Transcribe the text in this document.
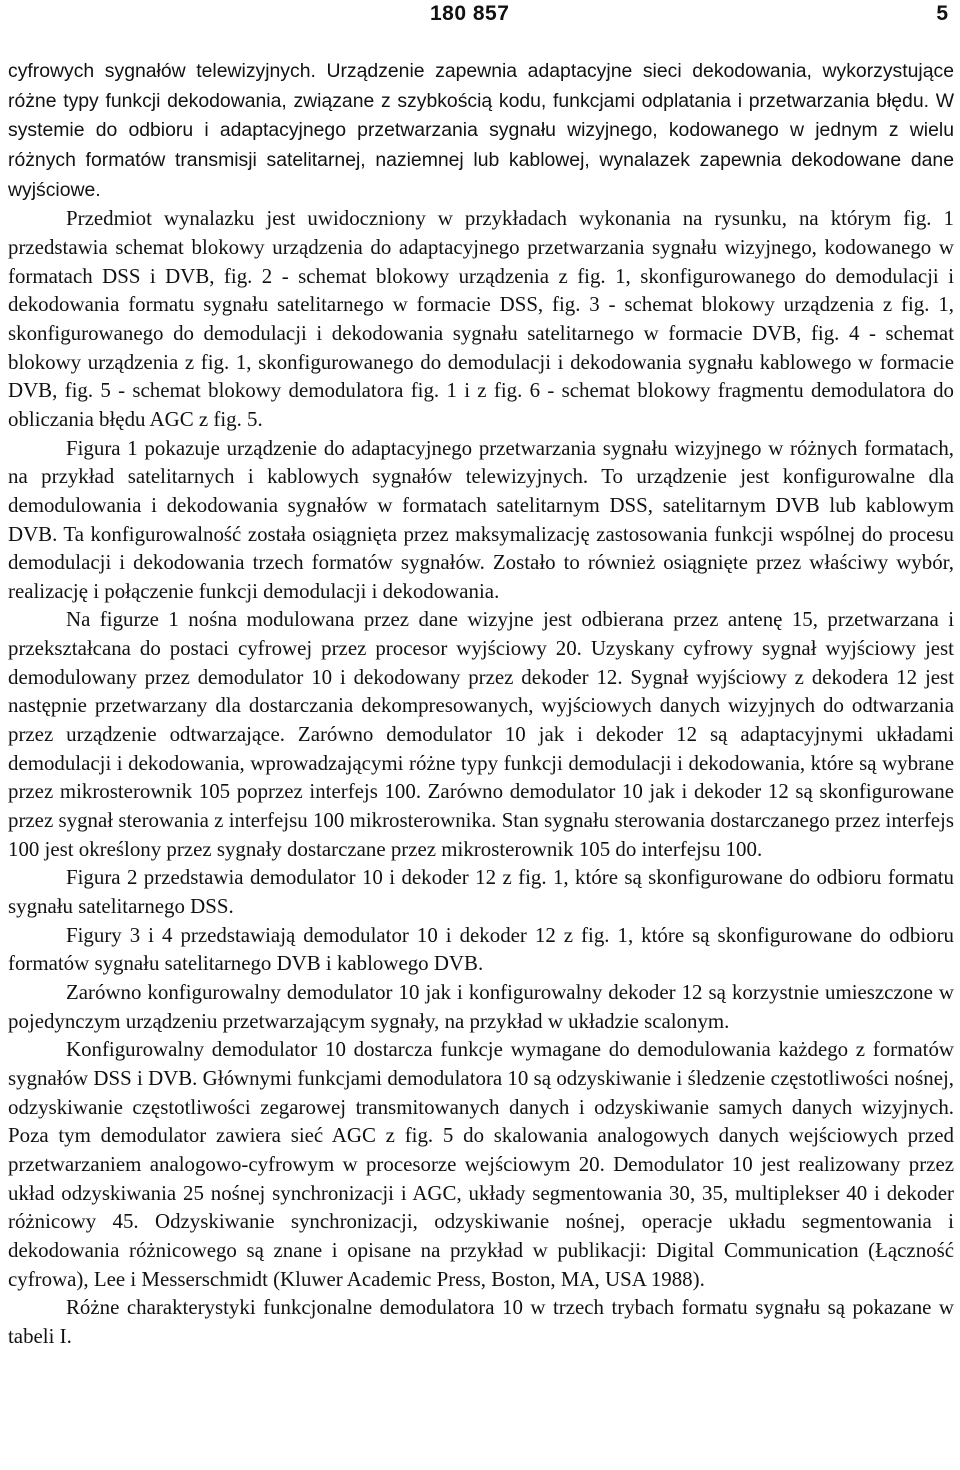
180 857	5

cyfrowych sygnałów telewizyjnych. Urządzenie zapewnia adaptacyjne sieci dekodowania, wykorzystujące różne typy funkcji dekodowania, związane z szybkością kodu, funkcjami odplatania i przetwarzania błędu. W systemie do odbioru i adaptacyjnego przetwarzania sygnału wizyjnego, kodowanego w jednym z wielu różnych formatów transmisji satelitarnej, naziemnej lub kablowej, wynalazek zapewnia dekodowane dane wyjściowe.

Przedmiot wynalazku jest uwidoczniony w przykładach wykonania na rysunku, na którym fig. 1 przedstawia schemat blokowy urządzenia do adaptacyjnego przetwarzania sygnału wizyjnego, kodowanego w formatach DSS i DVB, fig. 2 - schemat blokowy urządzenia z fig. 1, skonfigurowanego do demodulacji i dekodowania formatu sygnału satelitarnego w formacie DSS, fig. 3 - schemat blokowy urządzenia z fig. 1, skonfigurowanego do demodulacji i dekodowania sygnału satelitarnego w formacie DVB, fig. 4 - schemat blokowy urządzenia z fig. 1, skonfigurowanego do demodulacji i dekodowania sygnału kablowego w formacie DVB, fig. 5 - schemat blokowy demodulatora fig. 1 i z fig. 6 - schemat blokowy fragmentu demodulatora do obliczania błędu AGC z fig. 5.

Figura 1 pokazuje urządzenie do adaptacyjnego przetwarzania sygnału wizyjnego w różnych formatach, na przykład satelitarnych i kablowych sygnałów telewizyjnych. To urządzenie jest konfigurowalne dla demodulowania i dekodowania sygnałów w formatach satelitarnym DSS, satelitarnym DVB lub kablowym DVB. Ta konfigurowalność została osiągnięta przez maksymalizację zastosowania funkcji wspólnej do procesu demodulacji i dekodowania trzech formatów sygnałów. Zostało to również osiągnięte przez właściwy wybór, realizację i połączenie funkcji demodulacji i dekodowania.

Na figurze 1 nośna modulowana przez dane wizyjne jest odbierana przez antenę 15, przetwarzana i przekształcana do postaci cyfrowej przez procesor wyjściowy 20. Uzyskany cyfrowy sygnał wyjściowy jest demodulowany przez demodulator 10 i dekodowany przez dekoder 12. Sygnał wyjściowy z dekodera 12 jest następnie przetwarzany dla dostarczania dekompresowanych, wyjściowych danych wizyjnych do odtwarzania przez urządzenie odtwarzające. Zarówno demodulator 10 jak i dekoder 12 są adaptacyjnymi układami demodulacji i dekodowania, wprowadzającymi różne typy funkcji demodulacji i dekodowania, które są wybrane przez mikrosterownik 105 poprzez interfejs 100. Zarówno demodulator 10 jak i dekoder 12 są skonfigurowane przez sygnał sterowania z interfejsu 100 mikrosterownika. Stan sygnału sterowania dostarczanego przez interfejs 100 jest określony przez sygnały dostarczane przez mikrosterownik 105 do interfejsu 100.

Figura 2 przedstawia demodulator 10 i dekoder 12 z fig. 1, które są skonfigurowane do odbioru formatu sygnału satelitarnego DSS.

Figury 3 i 4 przedstawiają demodulator 10 i dekoder 12 z fig. 1, które są skonfigurowane do odbioru formatów sygnału satelitarnego DVB i kablowego DVB.

Zarówno konfigurowalny demodulator 10 jak i konfigurowalny dekoder 12 są korzystnie umieszczone w pojedynczym urządzeniu przetwarzającym sygnały, na przykład w układzie scalonym.

Konfigurowalny demodulator 10 dostarcza funkcje wymagane do demodulowania każdego z formatów sygnałów DSS i DVB. Głównymi funkcjami demodulatora 10 są odzyskiwanie i śledzenie częstotliwości nośnej, odzyskiwanie częstotliwości zegarowej transmitowanych danych i odzyskiwanie samych danych wizyjnych. Poza tym demodulator zawiera sieć AGC z fig. 5 do skalowania analogowych danych wejściowych przed przetwarzaniem analogowo-cyfrowym w procesorze wejściowym 20. Demodulator 10 jest realizowany przez układ odzyskiwania 25 nośnej synchronizacji i AGC, układy segmentowania 30, 35, multiplekser 40 i dekoder różnicowy 45. Odzyskiwanie synchronizacji, odzyskiwanie nośnej, operacje układu segmentowania i dekodowania różnicowego są znane i opisane na przykład w publikacji: Digital Communication (Łączność cyfrowa), Lee i Messerschmidt (Kluwer Academic Press, Boston, MA, USA 1988).

Różne charakterystyki funkcjonalne demodulatora 10 w trzech trybach formatu sygnału są pokazane w tabeli I.
